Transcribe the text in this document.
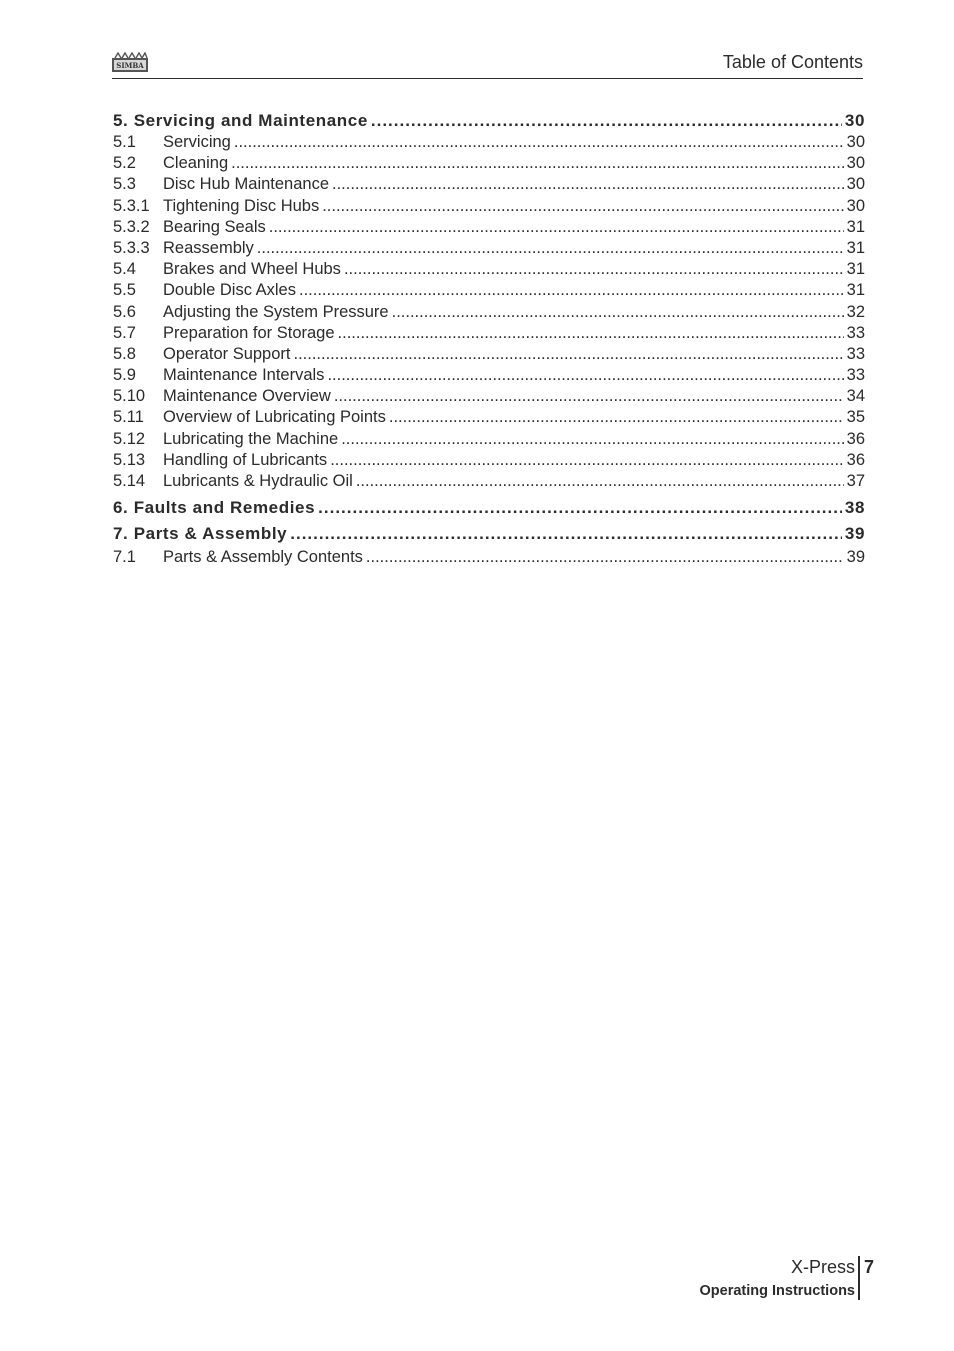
SIMBA	Table of Contents
5. Servicing and Maintenance .....	30
5.1	Servicing .....	30
5.2	Cleaning .....	30
5.3	Disc Hub Maintenance .....	30
5.3.1 Tightening Disc Hubs .....	30
5.3.2 Bearing Seals .....	31
5.3.3 Reassembly .....	31
5.4	Brakes and Wheel Hubs .....	31
5.5	Double Disc Axles .....	31
5.6	Adjusting the System Pressure .....	32
5.7	Preparation for Storage .....	33
5.8	Operator Support .....	33
5.9	Maintenance Intervals .....	33
5.10	Maintenance Overview .....	34
5.11	Overview of Lubricating Points .....	35
5.12	Lubricating the Machine .....	36
5.13	Handling of Lubricants .....	36
5.14	Lubricants & Hydraulic Oil .....	37
6. Faults and Remedies .....	38
7. Parts & Assembly .....	39
7.1	Parts & Assembly Contents .....	39
X-Press
Operating Instructions
7
